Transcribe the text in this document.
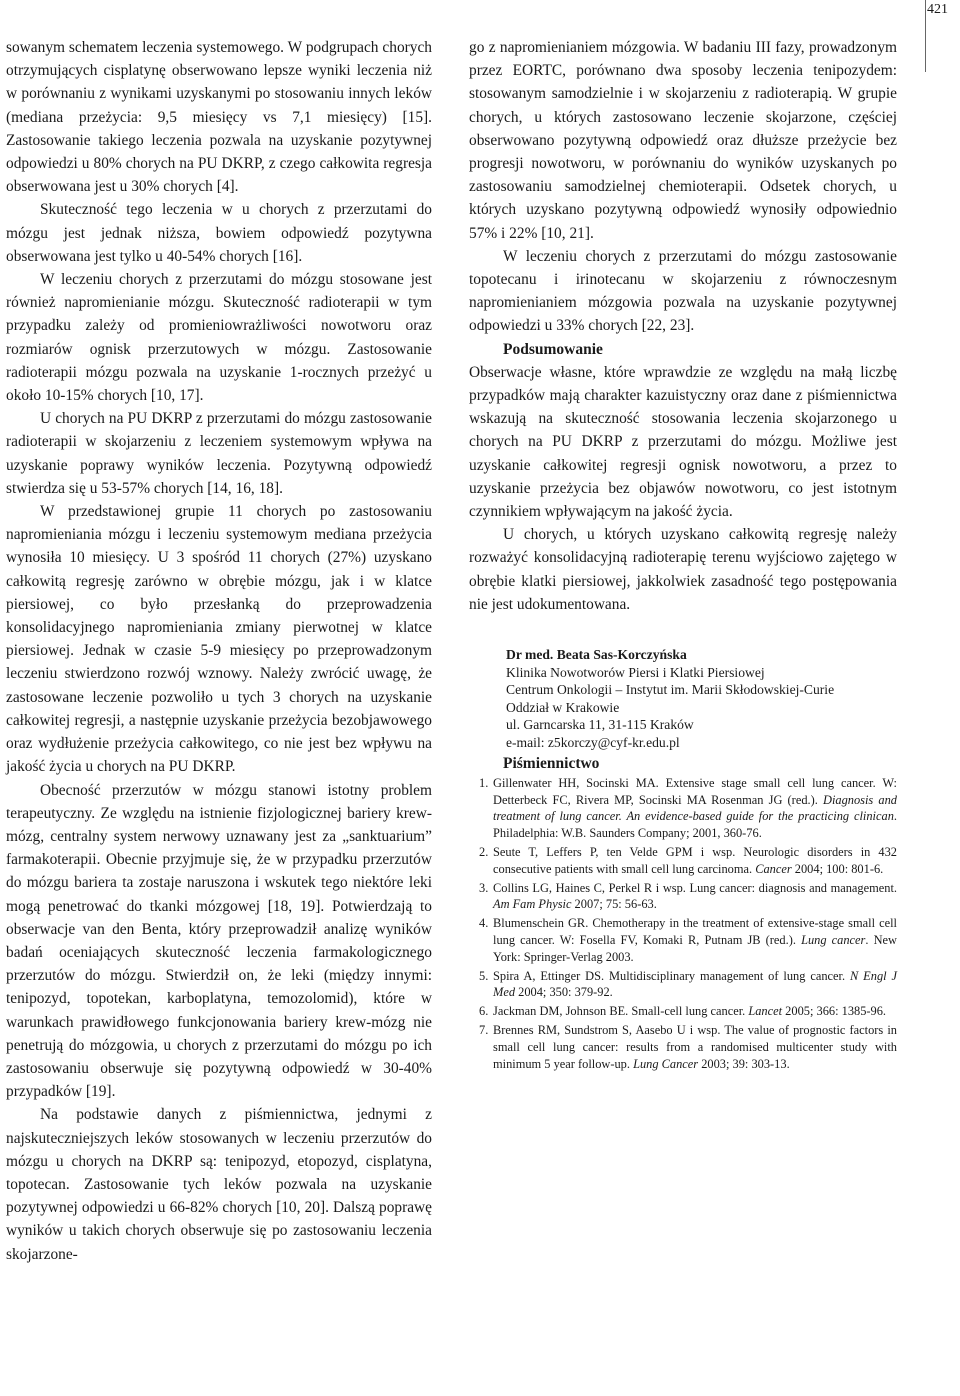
421

sowanym schematem leczenia systemowego. W podgrupach chorych otrzymujących cisplatynę obserwowano lepsze wyniki leczenia niż w porównaniu z wynikami uzyskanymi po stosowaniu innych leków (mediana przeżycia: 9,5 miesięcy vs 7,1 miesięcy) [15]. Zastosowanie takiego leczenia pozwala na uzyskanie pozytywnej odpowiedzi u 80% chorych na PU DKRP, z czego całkowita regresja obserwowana jest u 30% chorych [4].

Skuteczność tego leczenia w u chorych z przerzutami do mózgu jest jednak niższa, bowiem odpowiedź pozytywna obserwowana jest tylko u 40-54% chorych [16].

W leczeniu chorych z przerzutami do mózgu stosowane jest również napromienianie mózgu. Skuteczność radioterapii w tym przypadku zależy od promieniowrażliwości nowotworu oraz rozmiarów ognisk przerzutowych w mózgu. Zastosowanie radioterapii mózgu pozwala na uzyskanie 1-rocznych przeżyć u około 10-15% chorych [10, 17].

U chorych na PU DKRP z przerzutami do mózgu zastosowanie radioterapii w skojarzeniu z leczeniem systemowym wpływa na uzyskanie poprawy wyników leczenia. Pozytywną odpowiedź stwierdza się u 53-57% chorych [14, 16, 18].

W przedstawionej grupie 11 chorych po zastosowaniu napromieniania mózgu i leczeniu systemowym mediana przeżycia wynosiła 10 miesięcy. U 3 spośród 11 chorych (27%) uzyskano całkowitą regresję zarówno w obrębie mózgu, jak i w klatce piersiowej, co było przesłanką do przeprowadzenia konsolidacyjnego napromieniania zmiany pierwotnej w klatce piersiowej. Jednak w czasie 5-9 miesięcy po przeprowadzonym leczeniu stwierdzono rozwój wznowy. Należy zwrócić uwagę, że zastosowane leczenie pozwoliło u tych 3 chorych na uzyskanie całkowitej regresji, a następnie uzyskanie przeżycia bezobjawowego oraz wydłużenie przeżycia całkowitego, co nie jest bez wpływu na jakość życia u chorych na PU DKRP.

Obecność przerzutów w mózgu stanowi istotny problem terapeutyczny. Ze względu na istnienie fizjologicznej bariery krew-mózg, centralny system nerwowy uznawany jest za „sanktuarium” farmakoterapii. Obecnie przyjmuje się, że w przypadku przerzutów do mózgu bariera ta zostaje naruszona i wskutek tego niektóre leki mogą penetrować do tkanki mózgowej [18, 19]. Potwierdzają to obserwacje van den Benta, który przeprowadził analizę wyników badań oceniających skuteczność leczenia farmakologicznego przerzutów do mózgu. Stwierdził on, że leki (między innymi: tenipozyd, topotekan, karboplatyna, temozolomid), które w warunkach prawidłowego funkcjonowania bariery krew-mózg nie penetrują do mózgowia, u chorych z przerzutami do mózgu po ich zastosowaniu obserwuje się pozytywną odpowiedź w 30-40% przypadków [19].

Na podstawie danych z piśmiennictwa, jednymi z najskuteczniejszych leków stosowanych w leczeniu przerzutów do mózgu u chorych na DKRP są: tenipozyd, etopozyd, cisplatyna, topotecan. Zastosowanie tych leków pozwala na uzyskanie pozytywnej odpowiedzi u 66-82% chorych [10, 20]. Dalszą poprawę wyników u takich chorych obserwuje się po zastosowaniu leczenia skojarzone-

go z napromienianiem mózgowia. W badaniu III fazy, prowadzonym przez EORTC, porównano dwa sposoby leczenia tenipozydem: stosowanym samodzielnie i w skojarzeniu z radioterapią. W grupie chorych, u których zastosowano leczenie skojarzone, częściej obserwowano pozytywną odpowiedź oraz dłuższe przeżycie bez progresji nowotworu, w porównaniu do wyników uzyskanych po zastosowaniu samodzielnej chemioterapii. Odsetek chorych, u których uzyskano pozytywną odpowiedź wynosiły odpowiednio 57% i 22% [10, 21].

W leczeniu chorych z przerzutami do mózgu zastosowanie topotecanu i irinotecanu w skojarzeniu z równoczesnym napromienianiem mózgowia pozwala na uzyskanie pozytywnej odpowiedzi u 33% chorych [22, 23].

Podsumowanie

Obserwacje własne, które wprawdzie ze względu na małą liczbę przypadków mają charakter kazuistyczny oraz dane z piśmiennictwa wskazują na skuteczność stosowania leczenia skojarzonego u chorych na PU DKRP z przerzutami do mózgu. Możliwe jest uzyskanie całkowitej regresji ognisk nowotworu, a przez to uzyskanie przeżycia bez objawów nowotworu, co jest istotnym czynnikiem wpływającym na jakość życia.

U chorych, u których uzyskano całkowitą regresję należy rozważyć konsolidacyjną radioterapię terenu wyjściowo zajętego w obrębie klatki piersiowej, jakkolwiek zasadność tego postępowania nie jest udokumentowana.

Dr med. Beata Sas-Korczyńska
Klinika Nowotworów Piersi i Klatki Piersiowej
Centrum Onkologii – Instytut im. Marii Skłodowskiej-Curie
Oddział w Krakowie
ul. Garncarska 11, 31-115 Kraków
e-mail: z5korczy@cyf-kr.edu.pl

Piśmiennictwo

1. Gillenwater HH, Socinski MA. Extensive stage small cell lung cancer. W: Detterbeck FC, Rivera MP, Socinski MA Rosenman JG (red.). Diagnosis and treatment of lung cancer. An evidence-based guide for the practicing clinican. Philadelphia: W.B. Saunders Company; 2001, 360-76.
2. Seute T, Leffers P, ten Velde GPM i wsp. Neurologic disorders in 432 consecutive patients with small cell lung carcinoma. Cancer 2004; 100: 801-6.
3. Collins LG, Haines C, Perkel R i wsp. Lung cancer: diagnosis and management. Am Fam Physic 2007; 75: 56-63.
4. Blumenschein GR. Chemotherapy in the treatment of extensive-stage small cell lung cancer. W: Fosella FV, Komaki R, Putnam JB (red.). Lung cancer. New York: Springer-Verlag 2003.
5. Spira A, Ettinger DS. Multidisciplinary management of lung cancer. N Engl J Med 2004; 350: 379-92.
6. Jackman DM, Johnson BE. Small-cell lung cancer. Lancet 2005; 366: 1385-96.
7. Brennes RM, Sundstrom S, Aasebo U i wsp. The value of prognostic factors in small cell lung cancer: results from a randomised multicenter study with minimum 5 year follow-up. Lung Cancer 2003; 39: 303-13.
